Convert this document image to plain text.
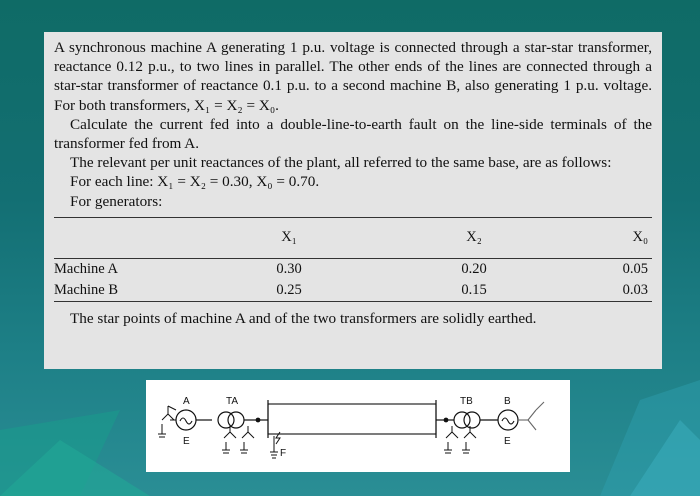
A synchronous machine A generating 1 p.u. voltage is connected through a star-star transformer, reactance 0.12 p.u., to two lines in parallel. The other ends of the lines are connected through a star-star transformer of reactance 0.1 p.u. to a second machine B, also generating 1 p.u. voltage. For both transformers, X₁ = X₂ = X₀.

Calculate the current fed into a double-line-to-earth fault on the line-side terminals of the transformer fed from A.

The relevant per unit reactances of the plant, all referred to the same base, are as follows:

For each line: X₁ = X₂ = 0.30, X₀ = 0.70.
For generators:
	X₁	X₂	X₀
Machine A	0.30	0.20	0.05
Machine B	0.25	0.15	0.03
The star points of machine A and of the two transformers are solidly earthed.
A
E
TA
F
TB	B
E
